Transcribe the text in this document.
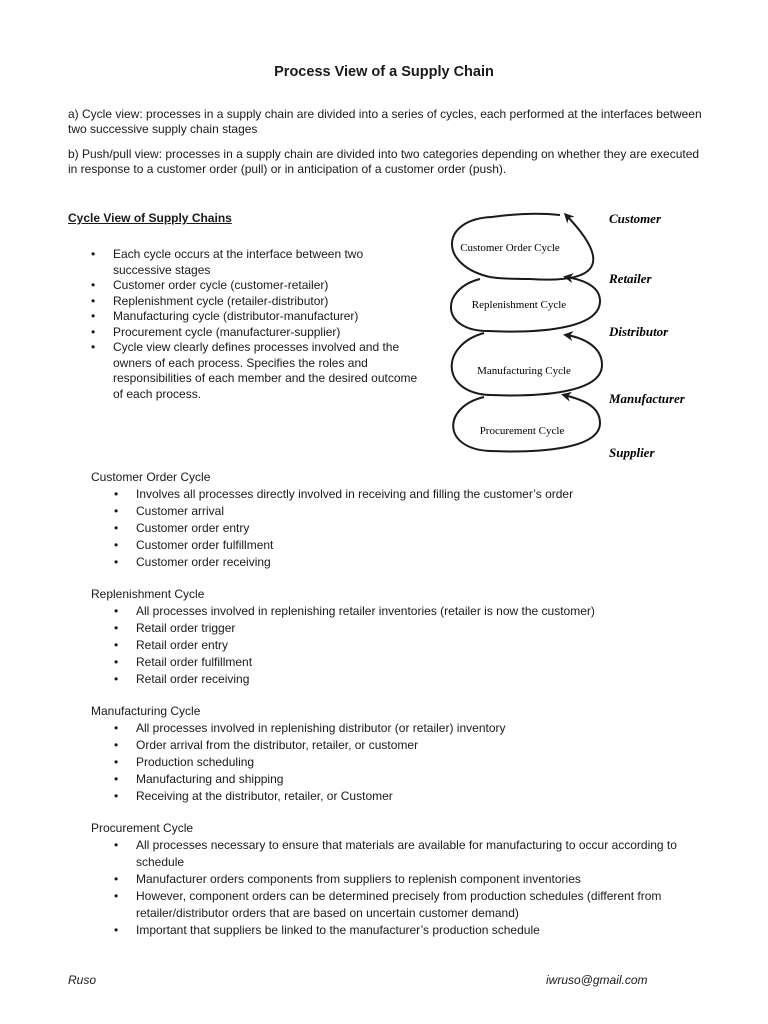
Process View of a Supply Chain

a) Cycle view: processes in a supply chain are divided into a series of cycles, each performed at the interfaces between two successive supply chain stages

b) Push/pull view: processes in a supply chain are divided into two categories depending on whether they are executed in response to a customer order (pull) or in anticipation of a customer order (push).

Cycle View of Supply Chains
• Each cycle occurs at the interface between two successive stages
• Customer order cycle (customer-retailer)
• Replenishment cycle (retailer-distributor)
• Manufacturing cycle (distributor-manufacturer)
• Procurement cycle (manufacturer-supplier)
• Cycle view clearly defines processes involved and the owners of each process. Specifies the roles and responsibilities of each member and the desired outcome of each process.
Customer Order Cycle
Replenishment Cycle
Manufacturing Cycle
Procurement Cycle
Customer
Retailer
Distributor
Manufacturer
Supplier
Customer Order Cycle
• Involves all processes directly involved in receiving and filling the customer’s order
• Customer arrival
• Customer order entry
• Customer order fulfillment
• Customer order receiving
Replenishment Cycle
• All processes involved in replenishing retailer inventories (retailer is now the customer)
• Retail order trigger
• Retail order entry
• Retail order fulfillment
• Retail order receiving
Manufacturing Cycle
• All processes involved in replenishing distributor (or retailer) inventory
• Order arrival from the distributor, retailer, or customer
• Production scheduling
• Manufacturing and shipping
• Receiving at the distributor, retailer, or Customer
Procurement Cycle
• All processes necessary to ensure that materials are available for manufacturing to occur according to schedule
• Manufacturer orders components from suppliers to replenish component inventories
• However, component orders can be determined precisely from production schedules (different from retailer/distributor orders that are based on uncertain customer demand)
• Important that suppliers be linked to the manufacturer’s production schedule
Ruso	iwruso@gmail.com
